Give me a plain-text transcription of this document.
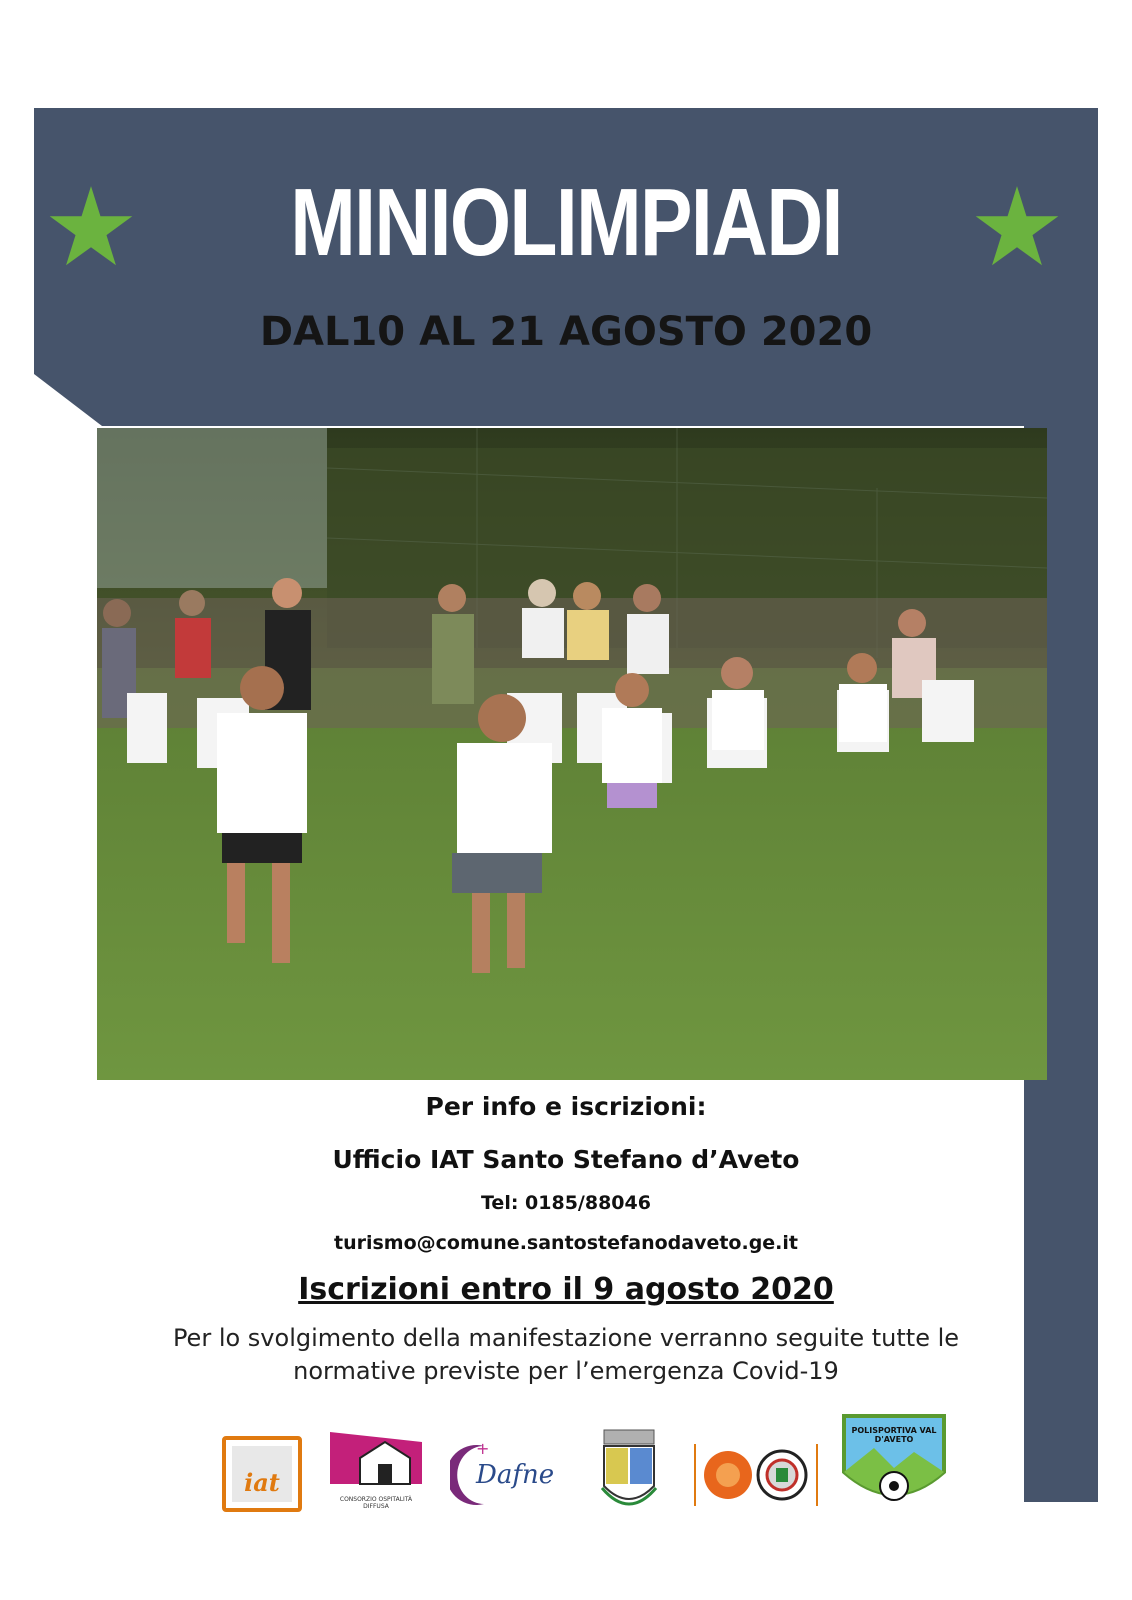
MINIOLIMPIADI
DAL10 AL 21 AGOSTO 2020
Per info e iscrizioni:
Ufficio IAT Santo Stefano d’Aveto
Tel: 0185/88046
turismo@comune.santostefanodaveto.ge.it
Iscrizioni entro il 9 agosto 2020
Per lo svolgimento della manifestazione verranno seguite tutte le
normative previste per l’emergenza Covid-19
iat
CONSORZIO OSPITALITÀ DIFFUSA
+
Dafne
POLISPORTIVA VAL D'AVETO
